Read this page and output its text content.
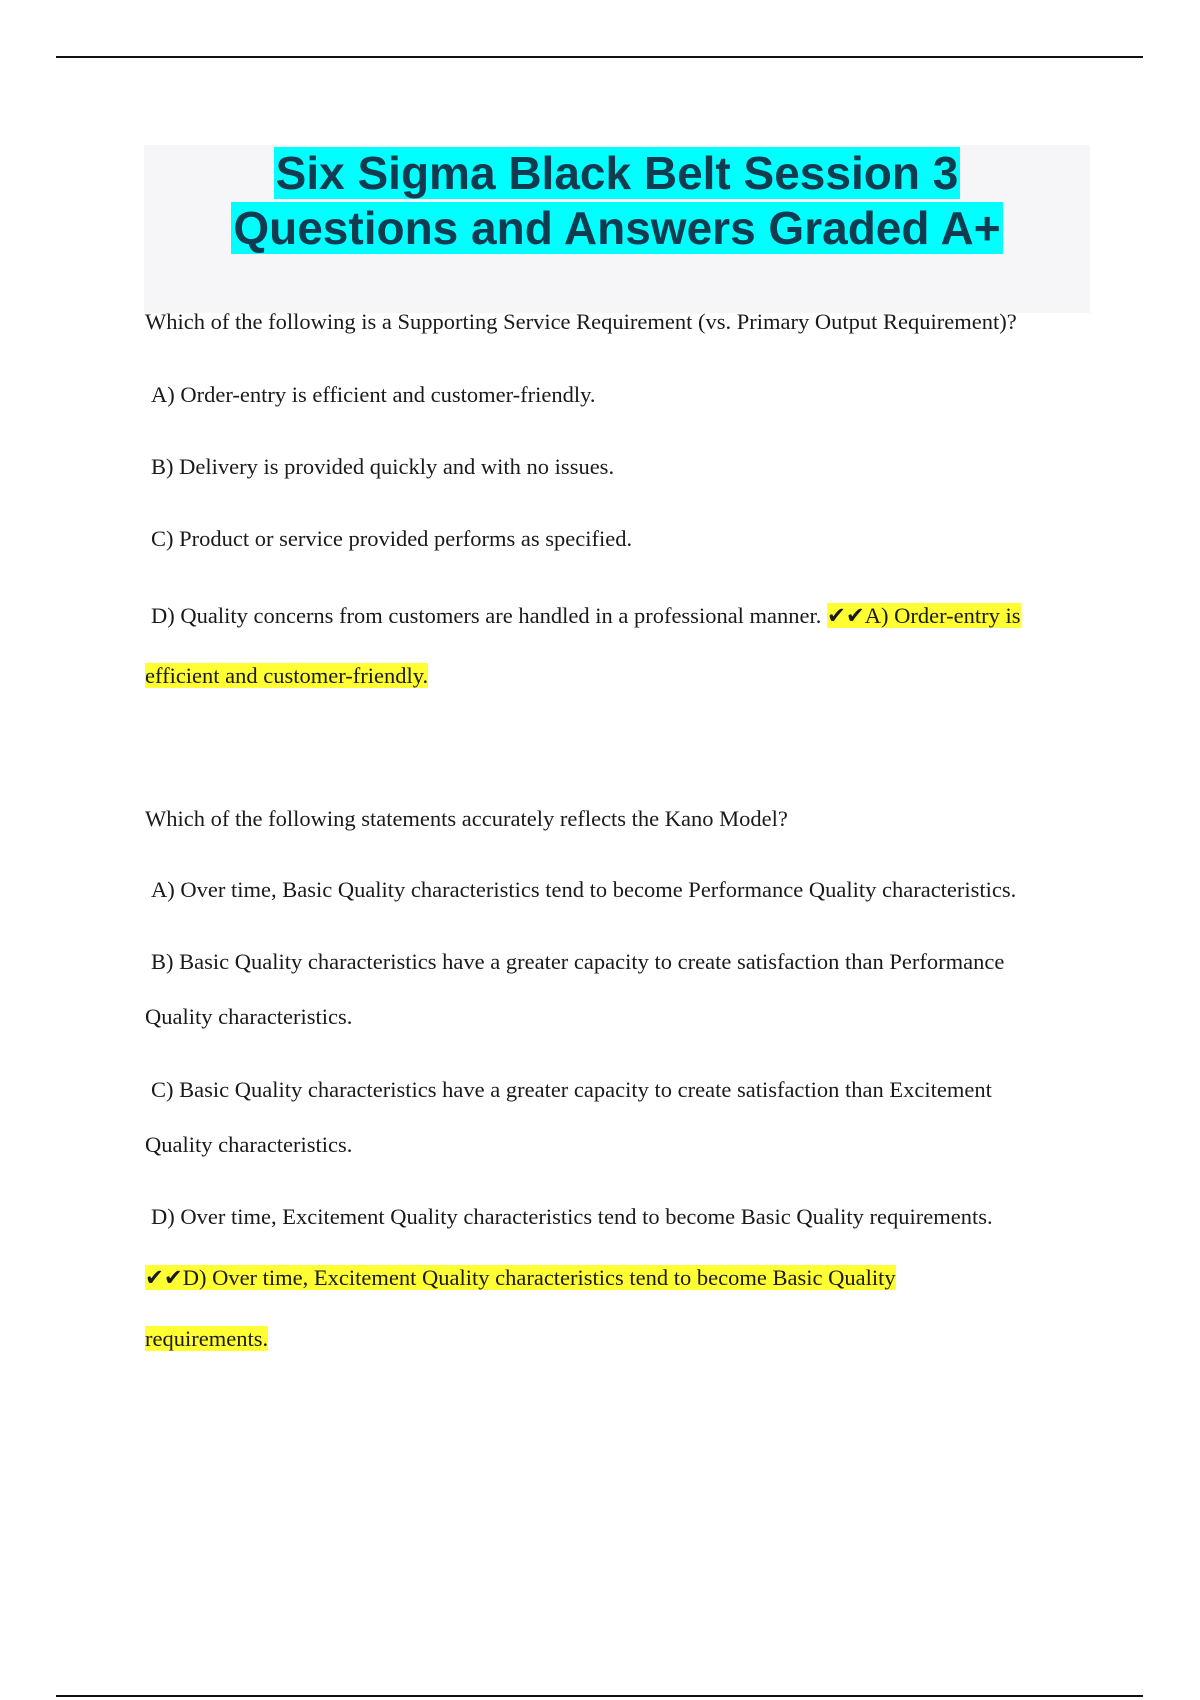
Six Sigma Black Belt Session 3
Questions and Answers Graded A+
Which of the following is a Supporting Service Requirement (vs. Primary Output Requirement)?
A) Order-entry is efficient and customer-friendly.
B) Delivery is provided quickly and with no issues.
C) Product or service provided performs as specified.
D) Quality concerns from customers are handled in a professional manner. ✔✔A) Order-entry is
efficient and customer-friendly.
Which of the following statements accurately reflects the Kano Model?
A) Over time, Basic Quality characteristics tend to become Performance Quality characteristics.
B) Basic Quality characteristics have a greater capacity to create satisfaction than Performance
Quality characteristics.
C) Basic Quality characteristics have a greater capacity to create satisfaction than Excitement
Quality characteristics.
D) Over time, Excitement Quality characteristics tend to become Basic Quality requirements.
✔✔D) Over time, Excitement Quality characteristics tend to become Basic Quality
requirements.
